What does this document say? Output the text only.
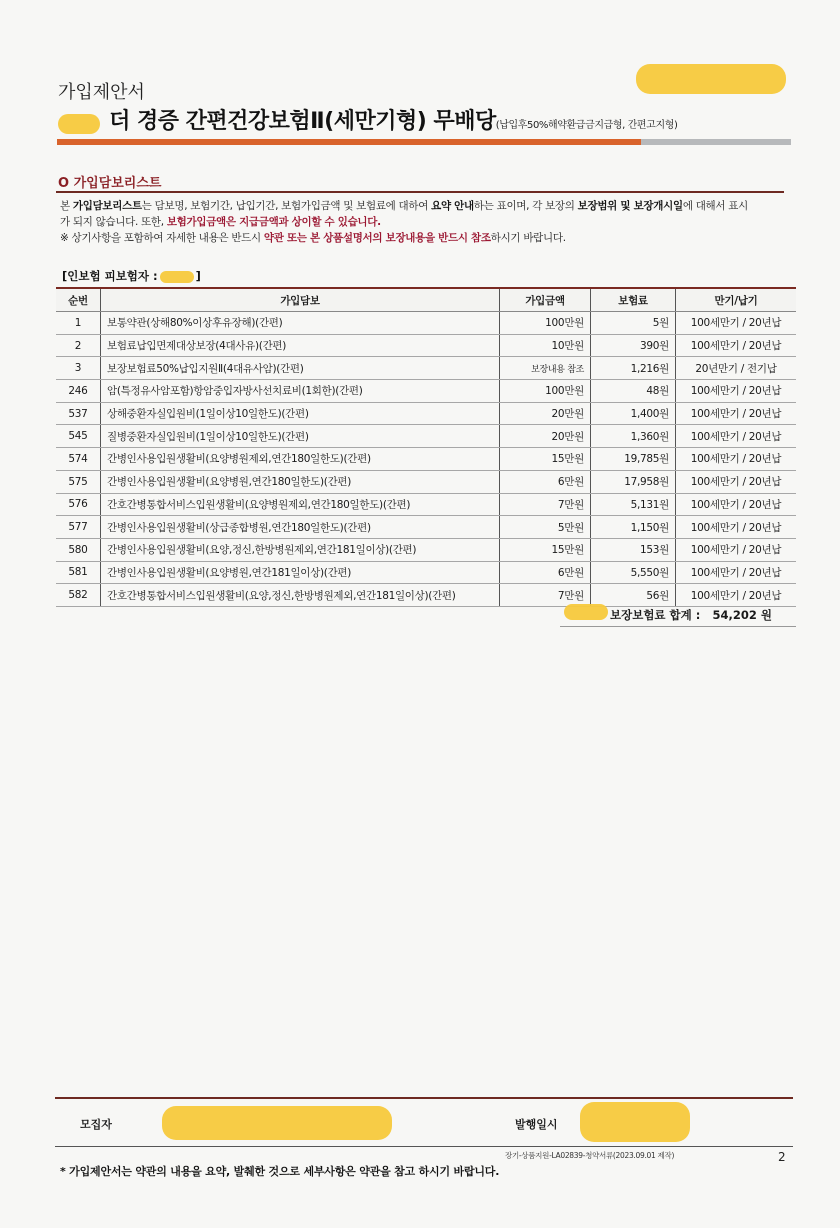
가입제안서
더 경증 간편건강보험Ⅱ(세만기형) 무배당(납입후50%해약환급금지급형, 간편고지형)
O 가입담보리스트
본 가입담보리스트는 담보명, 보험기간, 납입기간, 보험가입금액 및 보험료에 대하여 요약 안내하는 표이며, 각 보장의 보장범위 및 보장개시일에 대해서 표시
가 되지 않습니다. 또한, 보험가입금액은 지급금액과 상이할 수 있습니다.
※ 상기사항을 포함하여 자세한 내용은 반드시 약관 또는 본 상품설명서의 보장내용을 반드시 참조하시기 바랍니다.
[인보험 피보험자 :	]
순번	가입담보	가입금액	보험료	만기/납기
1	보통약관(상해80%이상후유장해)(간편)	100만원	5원	100세만기 / 20년납
2	보험료납입면제대상보장(4대사유)(간편)	10만원	390원	100세만기 / 20년납
3	보장보험료50%납입지원Ⅱ(4대유사암)(간편)	보장내용 참조	1,216원	20년만기 / 전기납
246	암(특정유사암포함)항암중입자방사선치료비(1회한)(간편)	100만원	48원	100세만기 / 20년납
537	상해중환자실입원비(1일이상10일한도)(간편)	20만원	1,400원	100세만기 / 20년납
545	질병중환자실입원비(1일이상10일한도)(간편)	20만원	1,360원	100세만기 / 20년납
574	간병인사용입원생활비(요양병원제외,연간180일한도)(간편)	15만원	19,785원	100세만기 / 20년납
575	간병인사용입원생활비(요양병원,연간180일한도)(간편)	6만원	17,958원	100세만기 / 20년납
576	간호간병통합서비스입원생활비(요양병원제외,연간180일한도)(간편)	7만원	5,131원	100세만기 / 20년납
577	간병인사용입원생활비(상급종합병원,연간180일한도)(간편)	5만원	1,150원	100세만기 / 20년납
580	간병인사용입원생활비(요양,정신,한방병원제외,연간181일이상)(간편)	15만원	153원	100세만기 / 20년납
581	간병인사용입원생활비(요양병원,연간181일이상)(간편)	6만원	5,550원	100세만기 / 20년납
582	간호간병통합서비스입원생활비(요양,정신,한방병원제외,연간181일이상)(간편)	7만원	56원	100세만기 / 20년납
보장보험료 합계 : 54,202 원
모집자	발행일시
장기-상품지원-LA02839-청약서류(2023.09.01 제작)	2
* 가입제안서는 약관의 내용을 요약, 발췌한 것으로 세부사항은 약관을 참고 하시기 바랍니다.
